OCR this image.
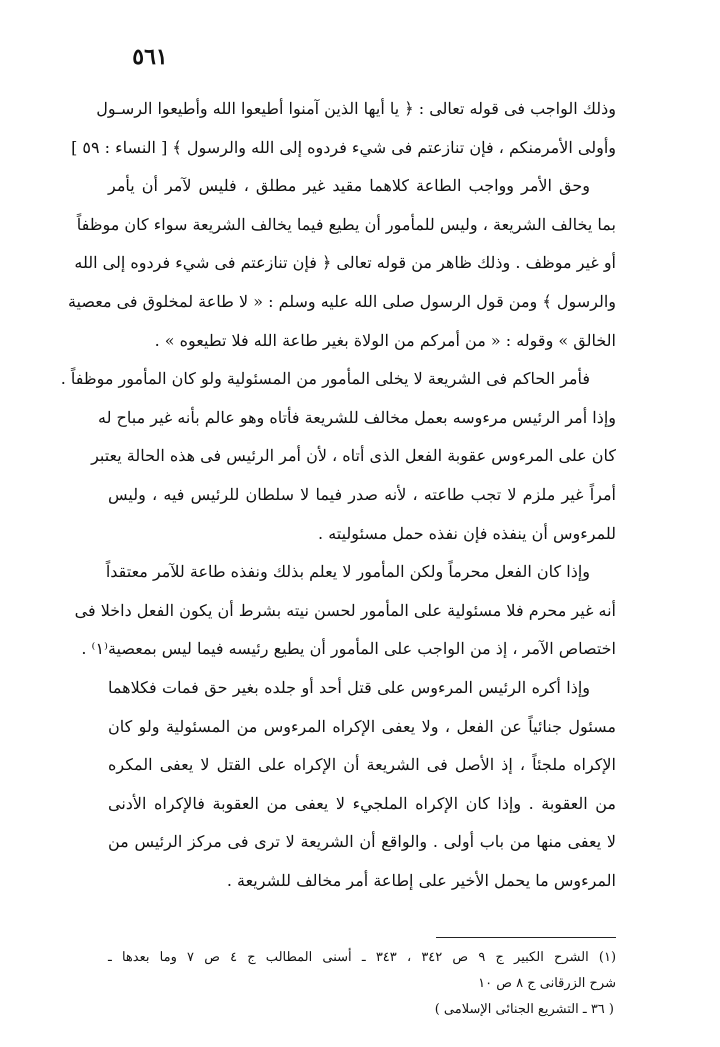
٥٦١
وذلك الواجب فى قوله تعالى : ﴿ يا أيها الذين آمنوا أطيعوا الله وأطيعوا الرسـول
وأولى الأمرمنكم ، فإن تنازعتم فى شيء فردوه إلى الله والرسول ﴾ [ النساء : ٥٩ ]
وحق الأمر وواجب الطاعة كلاهما مقيد غير مطلق ، فليس لآمر أن يأمر
بما يخالف الشريعة ، وليس للمأمور أن يطيع فيما يخالف الشريعة سواء كان موظفاً
أو غير موظف . وذلك ظاهر من قوله تعالى ﴿ فإن تنازعتم فى شيء فردوه إلى الله
والرسول ﴾ ومن قول الرسول صلى الله عليه وسلم : « لا طاعة لمخلوق فى معصية
الخالق » وقوله : « من أمركم من الولاة بغير طاعة الله فلا تطيعوه » .
فأمر الحاكم فى الشريعة لا يخلى المأمور من المسئولية ولو كان المأمور موظفاً .
وإذا أمر الرئيس مرءوسه بعمل مخالف للشريعة فأتاه وهو عالم بأنه غير مباح له
كان على المرءوس عقوبة الفعل الذى أتاه ، لأن أمر الرئيس فى هذه الحالة يعتبر
أمراً غير ملزم لا تجب طاعته ، لأنه صدر فيما لا سلطان للرئيس فيه ، وليس
للمرءوس أن ينفذه فإن نفذه حمل مسئوليته .
وإذا كان الفعل محرماً ولكن المأمور لا يعلم بذلك ونفذه طاعة للآمر معتقداً
أنه غير محرم فلا مسئولية على المأمور لحسن نيته بشرط أن يكون الفعل داخلا فى
اختصاص الآمر ، إذ من الواجب على المأمور أن يطيع رئيسه فيما ليس بمعصية⁽١⁾ .
وإذا أكره الرئيس المرءوس على قتل أحد أو جلده بغير حق فمات فكلاهما
مسئول جنائياً عن الفعل ، ولا يعفى الإكراه المرءوس من المسئولية ولو كان
الإكراه ملجئاً ، إذ الأصل فى الشريعة أن الإكراه على القتل لا يعفى المكره
من العقوبة . وإذا كان الإكراه الملجيء لا يعفى من العقوبة فالإكراه الأدنى
لا يعفى منها من باب أولى . والواقع أن الشريعة لا ترى فى مركز الرئيس من
المرءوس ما يحمل الأخير على إطاعة أمر مخالف للشريعة .
(١) الشرح الكبير ج ٩ ص ٣٤٢ ، ٣٤٣ ـ أسنى المطالب ج ٤ ص ٧ وما بعدها ـ
شرح الزرقانى ج ٨ ص ١٠
( ٣٦ ـ التشريع الجنائى الإسلامى )
